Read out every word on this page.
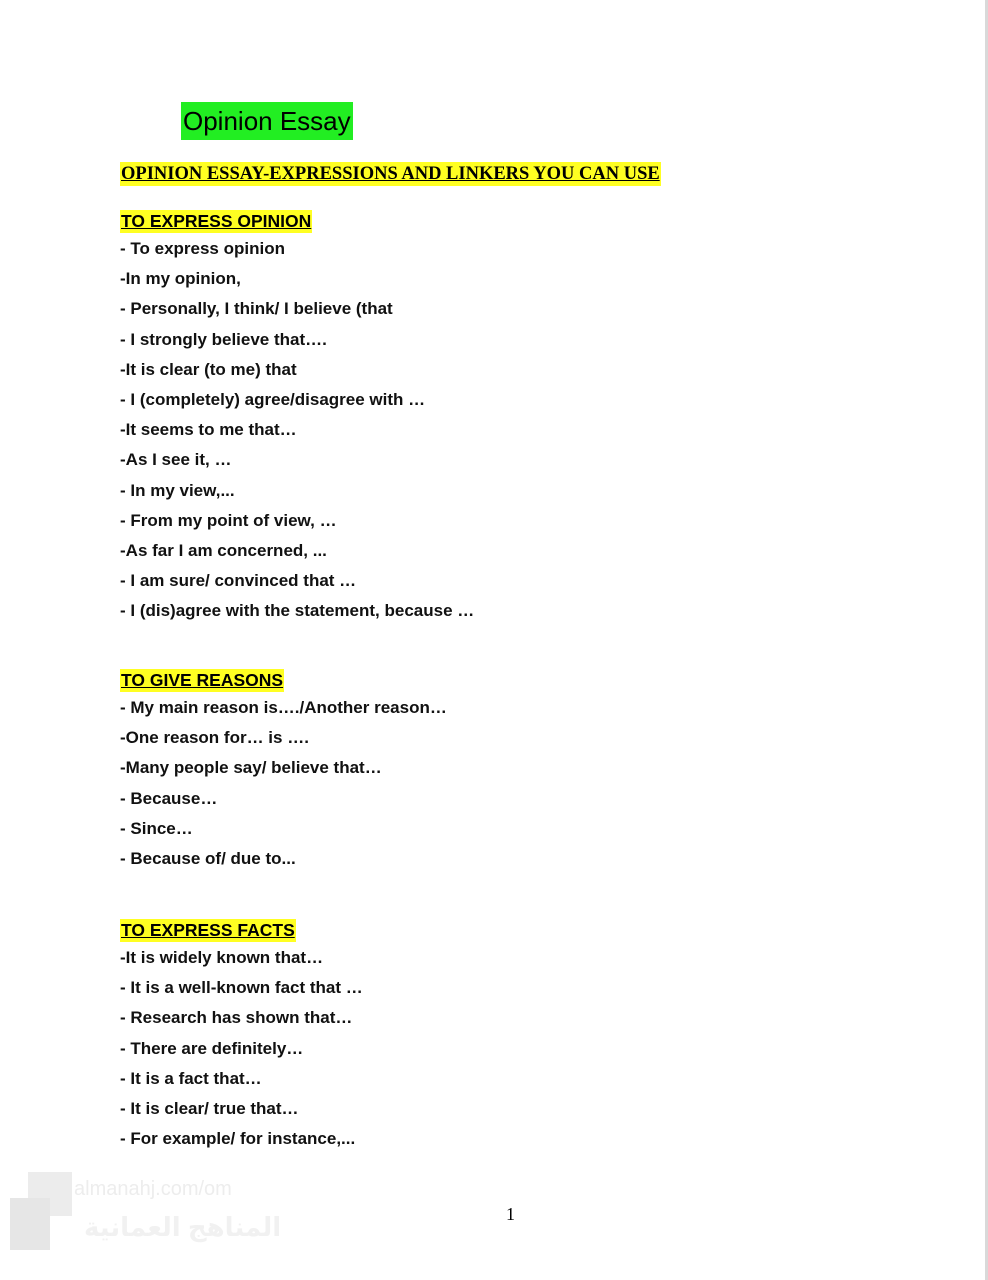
Opinion Essay
OPINION ESSAY-EXPRESSIONS AND LINKERS YOU CAN USE
TO EXPRESS OPINION
- To express opinion
-In my opinion,
- Personally, I think/ I believe (that
- I strongly believe that….
-It is clear (to me) that
- I (completely) agree/disagree with …
-It seems to me that…
-As I see it, …
- In my view,...
- From my point of view, …
-As far I am concerned, ...
- I am sure/ convinced that …
- I (dis)agree with the statement, because …
TO GIVE REASONS
- My main reason is…./Another reason…
-One reason for… is ….
-Many people say/ believe that…
- Because…
- Since…
- Because of/ due to...
TO EXPRESS FACTS
-It is widely known that…
- It is a well-known fact that …
- Research has shown that…
- There are definitely…
- It is a fact that…
- It is clear/ true that…
- For example/ for instance,...
almanahj.com/om
المناهج العمانية	1
